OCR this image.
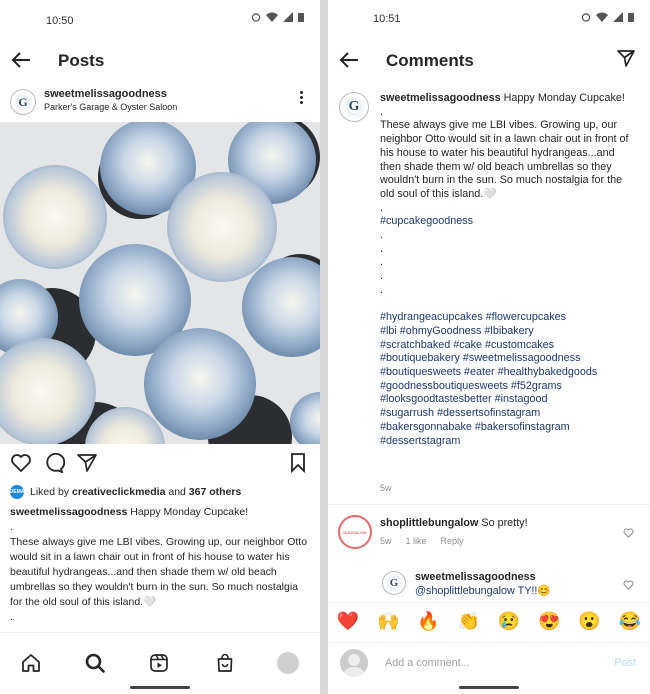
10:50
Posts
G
sweetmelissagoodness
Parker's Garage & Oyster Saloon
DEMA Liked by creativeclickmedia and 367 others
sweetmelissagoodness Happy Monday Cupcake!
.
These always give me LBI vibes. Growing up, our neighbor Otto would sit in a lawn chair out in front of his house to water his beautiful hydrangeas...and then shade them w/ old beach umbrellas so they wouldn't burn in the sun. So much nostalgia for the old soul of this island.🤍
.
10:51
Comments
G
sweetmelissagoodness Happy Monday Cupcake!
.
These always give me LBI vibes. Growing up, our neighbor Otto would sit in a lawn chair out in front of his house to water his beautiful hydrangeas...and then shade them w/ old beach umbrellas so they wouldn't burn in the sun. So much nostalgia for the old soul of this island.🤍
.
#cupcakegoodness
.
.
.
.
.

#hydrangeacupcakes #flowercupcakes
#lbi #ohmyGoodness #lbibakery
#scratchbaked #cake #customcakes
#boutiquebakery #sweetmelissagoodness
#boutiquesweets #eater #healthybakedgoods
#goodnessboutiquesweets #f52grams
#looksgoodtastesbetter #instagood
#sugarrush #dessertsofinstagram
#bakersgonnabake #bakersofinstagram
#dessertstagram
5w
BUNGALOW
shoplittlebungalow So pretty!
5w 1 like Reply
G sweetmelissagoodness
@shoplittlebungalow TY!!😊
❤️ 🙌 🔥 👏 😢 😍 😮 😂
Add a comment...	Post
